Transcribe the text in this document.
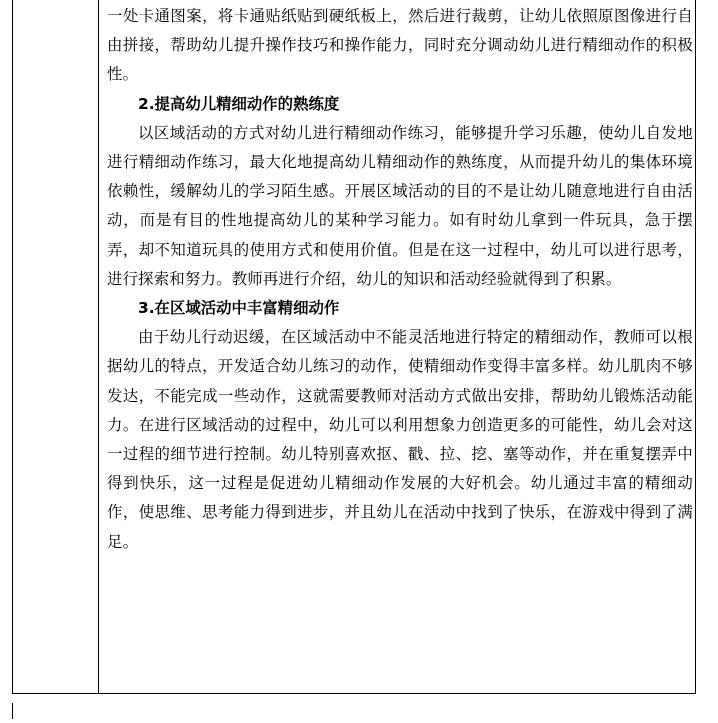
一处卡通图案，将卡通贴纸贴到硬纸板上，然后进行裁剪，让幼儿依照原图像进行自由拼接，帮助幼儿提升操作技巧和操作能力，同时充分调动幼儿进行精细动作的积极性。

2.提高幼儿精细动作的熟练度

以区域活动的方式对幼儿进行精细动作练习，能够提升学习乐趣，使幼儿自发地进行精细动作练习，最大化地提高幼儿精细动作的熟练度，从而提升幼儿的集体环境依赖性，缓解幼儿的学习陌生感。开展区域活动的目的不是让幼儿随意地进行自由活动，而是有目的性地提高幼儿的某种学习能力。如有时幼儿拿到一件玩具，急于摆弄，却不知道玩具的使用方式和使用价值。但是在这一过程中，幼儿可以进行思考，进行探索和努力。教师再进行介绍，幼儿的知识和活动经验就得到了积累。

3.在区域活动中丰富精细动作

由于幼儿行动迟缓，在区域活动中不能灵活地进行特定的精细动作，教师可以根据幼儿的特点，开发适合幼儿练习的动作，使精细动作变得丰富多样。幼儿肌肉不够发达，不能完成一些动作，这就需要教师对活动方式做出安排，帮助幼儿锻炼活动能力。在进行区域活动的过程中，幼儿可以利用想象力创造更多的可能性，幼儿会对这一过程的细节进行控制。幼儿特别喜欢抠、戳、拉、挖、塞等动作，并在重复摆弄中得到快乐，这一过程是促进幼儿精细动作发展的大好机会。幼儿通过丰富的精细动作，使思维、思考能力得到进步，并且幼儿在活动中找到了快乐，在游戏中得到了满足。
